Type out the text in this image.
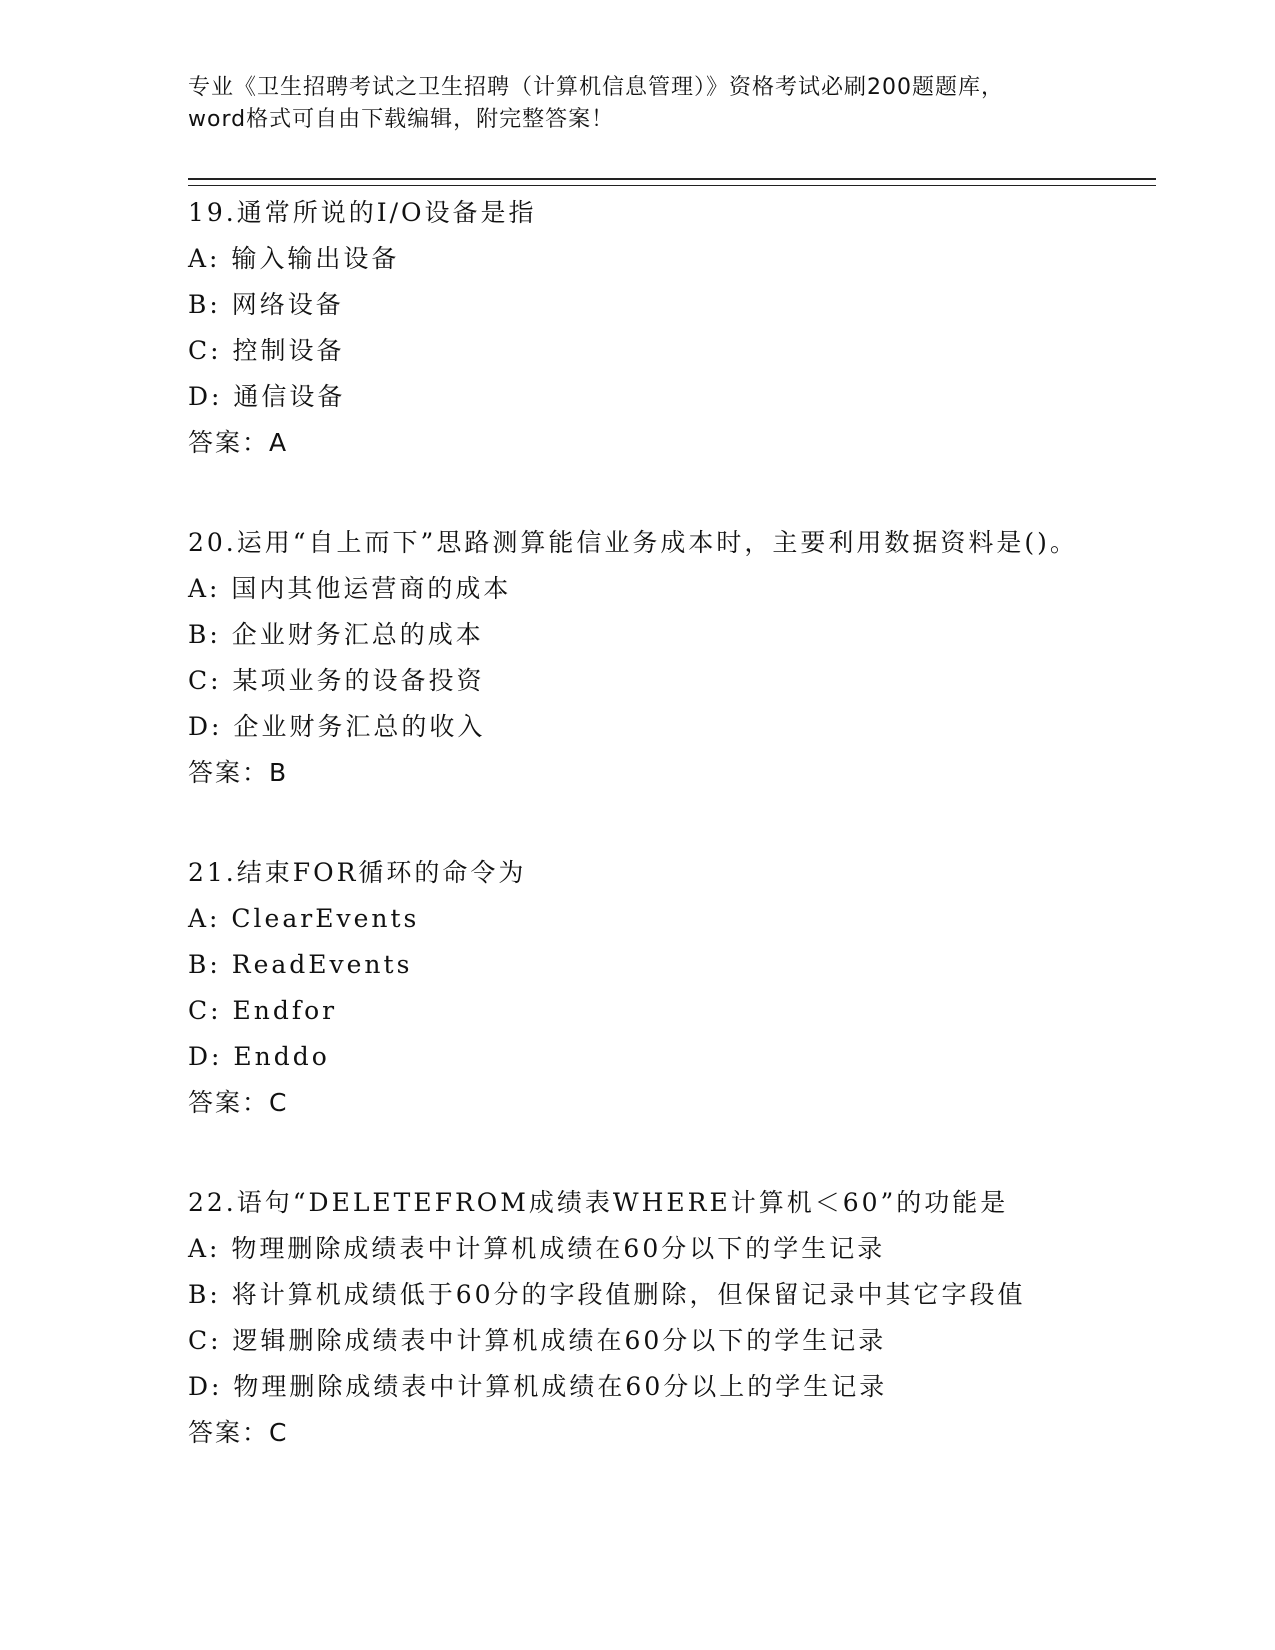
专业《卫生招聘考试之卫生招聘（计算机信息管理）》资格考试必刷200题题库，
word格式可自由下载编辑，附完整答案！
19.通常所说的I/O设备是指
A: 输入输出设备
B: 网络设备
C: 控制设备
D: 通信设备
答案：A
20.运用“自上而下”思路测算能信业务成本时，主要利用数据资料是()。
A: 国内其他运营商的成本
B: 企业财务汇总的成本
C: 某项业务的设备投资
D: 企业财务汇总的收入
答案：B
21.结束FOR循环的命令为
A: ClearEvents
B: ReadEvents
C: Endfor
D: Enddo
答案：C
22.语句“DELETEFROM成绩表WHERE计算机＜60”的功能是
A: 物理删除成绩表中计算机成绩在60分以下的学生记录
B: 将计算机成绩低于60分的字段值删除，但保留记录中其它字段值
C: 逻辑删除成绩表中计算机成绩在60分以下的学生记录
D: 物理删除成绩表中计算机成绩在60分以上的学生记录
答案：C
